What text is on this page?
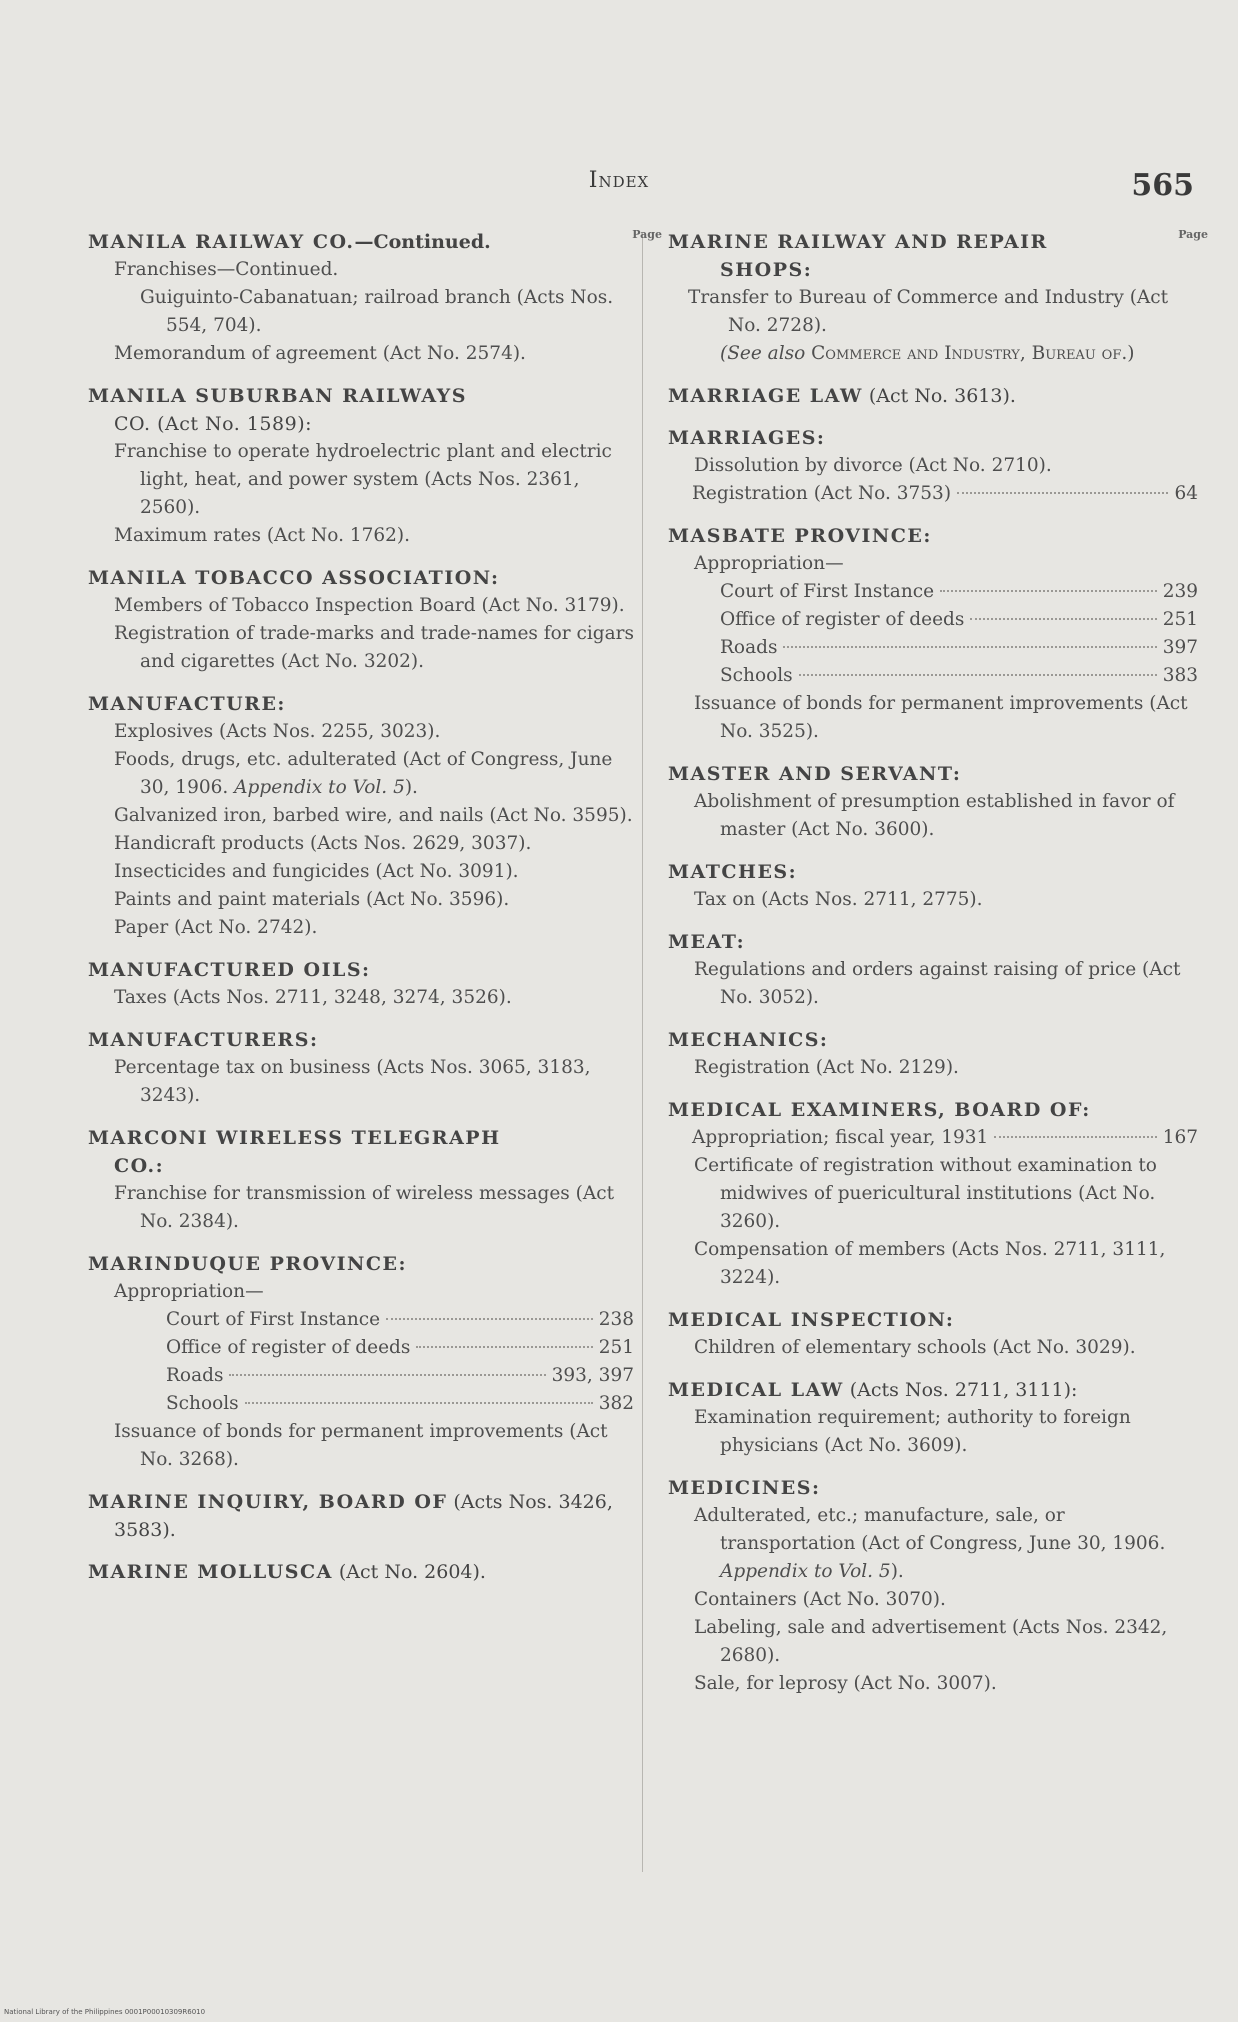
Index	565
Page
MANILA RAILWAY CO.—Continued.
Franchises—Continued.
Guiguinto-Cabanatuan; railroad branch (Acts Nos. 554, 704).
Memorandum of agreement (Act No. 2574).
MANILA SUBURBAN RAILWAYS
CO. (Act No. 1589):
Franchise to operate hydroelectric plant and electric light, heat, and power system (Acts Nos. 2361, 2560).
Maximum rates (Act No. 1762).
MANILA TOBACCO ASSOCIATION:
Members of Tobacco Inspection Board (Act No. 3179).
Registration of trade-marks and trade-names for cigars and cigarettes (Act No. 3202).
MANUFACTURE:
Explosives (Acts Nos. 2255, 3023).
Foods, drugs, etc. adulterated (Act of Congress, June 30, 1906. Appendix to Vol. 5).
Galvanized iron, barbed wire, and nails (Act No. 3595).
Handicraft products (Acts Nos. 2629, 3037).
Insecticides and fungicides (Act No. 3091).
Paints and paint materials (Act No. 3596).
Paper (Act No. 2742).
MANUFACTURED OILS:
Taxes (Acts Nos. 2711, 3248, 3274, 3526).
MANUFACTURERS:
Percentage tax on business (Acts Nos. 3065, 3183, 3243).
MARCONI WIRELESS TELEGRAPH
CO.:
Franchise for transmission of wireless messages (Act No. 2384).
MARINDUQUE PROVINCE:
Appropriation—
Court of First Instance	238
Office of register of deeds	251
Roads	393, 397
Schools	382
Issuance of bonds for permanent improvements (Act No. 3268).
MARINE INQUIRY, BOARD OF (Acts Nos. 3426, 3583).
MARINE MOLLUSCA (Act No. 2604).
Page
MARINE RAILWAY AND REPAIR
SHOPS:
Transfer to Bureau of Commerce and Industry (Act No. 2728).
(See also Commerce and Industry, Bureau of.)
MARRIAGE LAW (Act No. 3613).
MARRIAGES:
Dissolution by divorce (Act No. 2710).
Registration (Act No. 3753)	64
MASBATE PROVINCE:
Appropriation—
Court of First Instance	239
Office of register of deeds	251
Roads	397
Schools	383
Issuance of bonds for permanent improvements (Act No. 3525).
MASTER AND SERVANT:
Abolishment of presumption established in favor of master (Act No. 3600).
MATCHES:
Tax on (Acts Nos. 2711, 2775).
MEAT:
Regulations and orders against raising of price (Act No. 3052).
MECHANICS:
Registration (Act No. 2129).
MEDICAL EXAMINERS, BOARD OF:
Appropriation; fiscal year, 1931	167
Certificate of registration without examination to midwives of puericultural institutions (Act No. 3260).
Compensation of members (Acts Nos. 2711, 3111, 3224).
MEDICAL INSPECTION:
Children of elementary schools (Act No. 3029).
MEDICAL LAW (Acts Nos. 2711, 3111):
Examination requirement; authority to foreign physicians (Act No. 3609).
MEDICINES:
Adulterated, etc.; manufacture, sale, or transportation (Act of Congress, June 30, 1906. Appendix to Vol. 5).
Containers (Act No. 3070).
Labeling, sale and advertisement (Acts Nos. 2342, 2680).
Sale, for leprosy (Act No. 3007).
National Library of the Philippines 0001P00010309R6010
